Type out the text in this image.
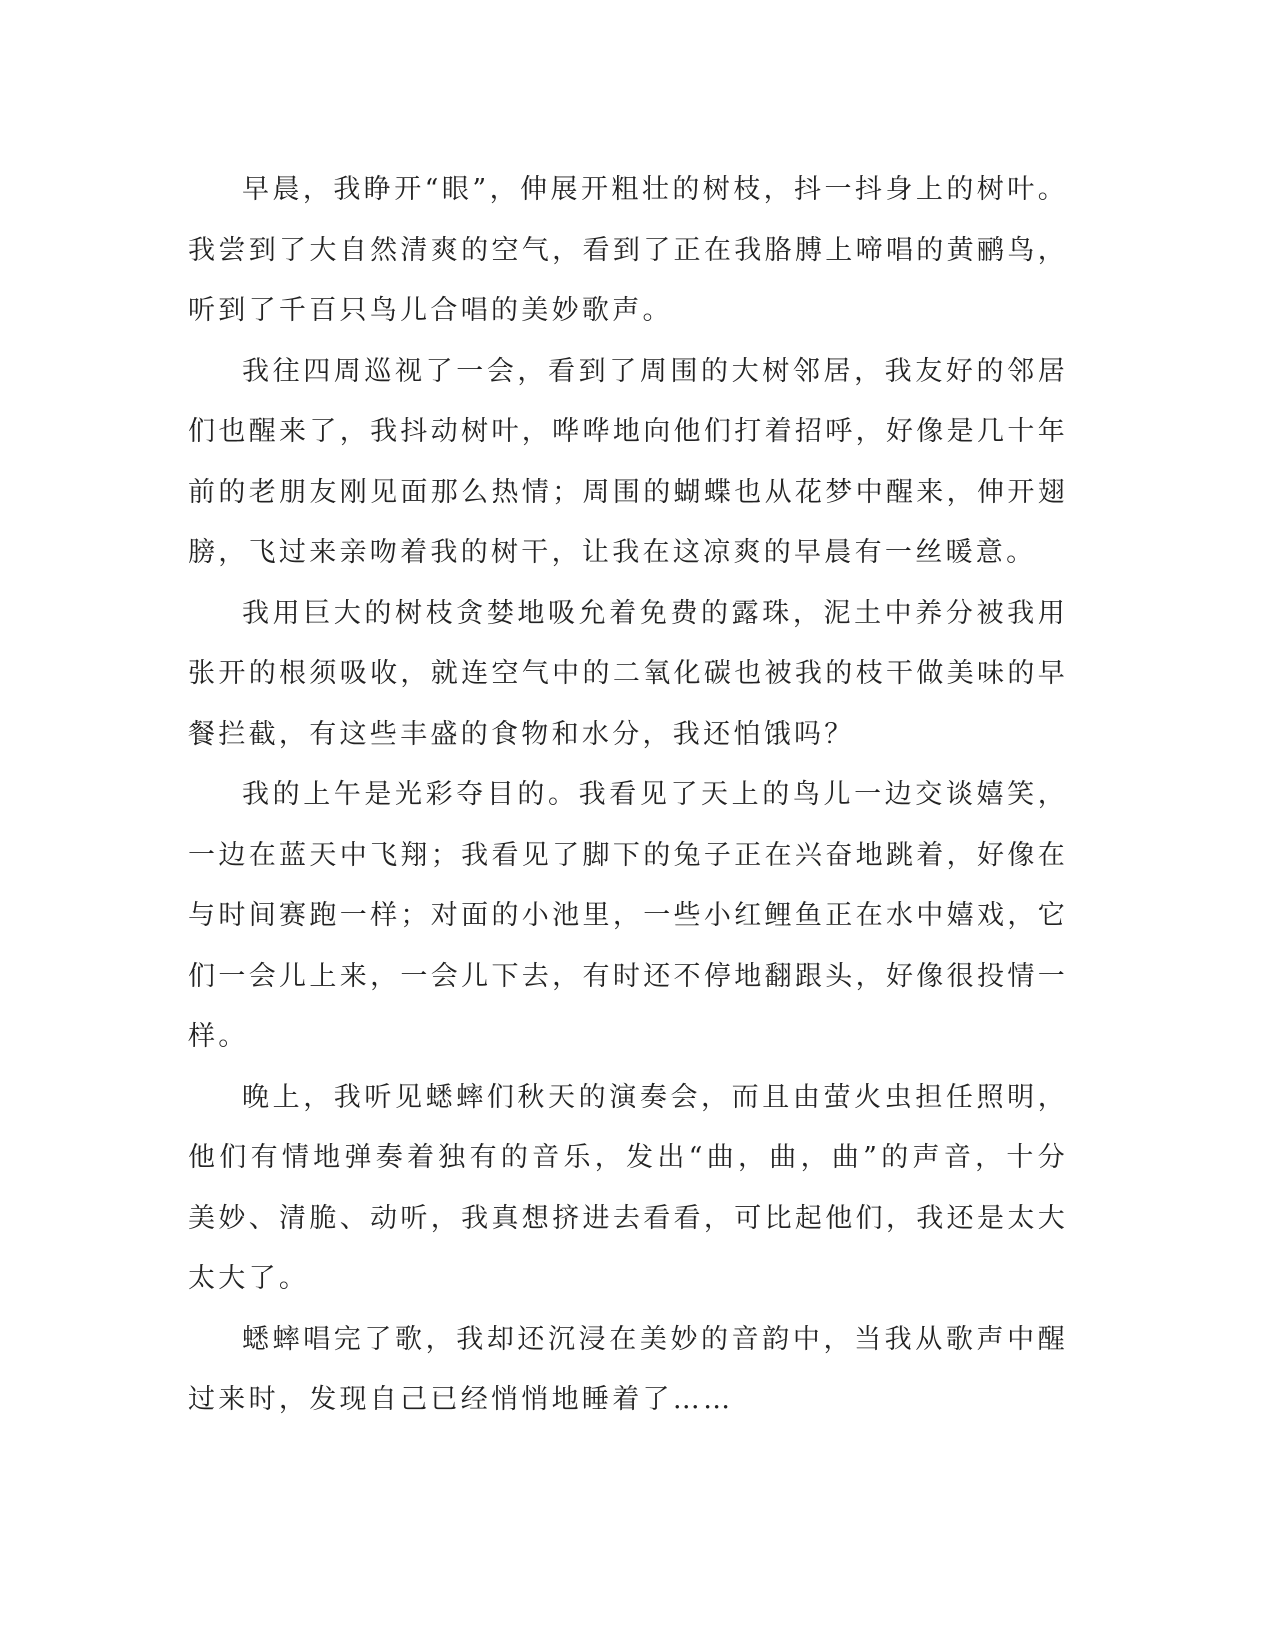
早晨，我睁开“眼”，伸展开粗壮的树枝，抖一抖身上的树叶。我尝到了大自然清爽的空气，看到了正在我胳膊上啼唱的黄鹂鸟，听到了千百只鸟儿合唱的美妙歌声。

我往四周巡视了一会，看到了周围的大树邻居，我友好的邻居们也醒来了，我抖动树叶，哗哗地向他们打着招呼，好像是几十年前的老朋友刚见面那么热情；周围的蝴蝶也从花梦中醒来，伸开翅膀，飞过来亲吻着我的树干，让我在这凉爽的早晨有一丝暖意。

我用巨大的树枝贪婪地吸允着免费的露珠，泥土中养分被我用张开的根须吸收，就连空气中的二氧化碳也被我的枝干做美味的早餐拦截，有这些丰盛的食物和水分，我还怕饿吗？

我的上午是光彩夺目的。我看见了天上的鸟儿一边交谈嬉笑，一边在蓝天中飞翔；我看见了脚下的兔子正在兴奋地跳着，好像在与时间赛跑一样；对面的小池里，一些小红鲤鱼正在水中嬉戏，它们一会儿上来，一会儿下去，有时还不停地翻跟头，好像很投情一样。

晚上，我听见蟋蟀们秋天的演奏会，而且由萤火虫担任照明，他们有情地弹奏着独有的音乐，发出“曲，曲，曲”的声音，十分美妙、清脆、动听，我真想挤进去看看，可比起他们，我还是太大太大了。

蟋蟀唱完了歌，我却还沉浸在美妙的音韵中，当我从歌声中醒过来时，发现自己已经悄悄地睡着了……
